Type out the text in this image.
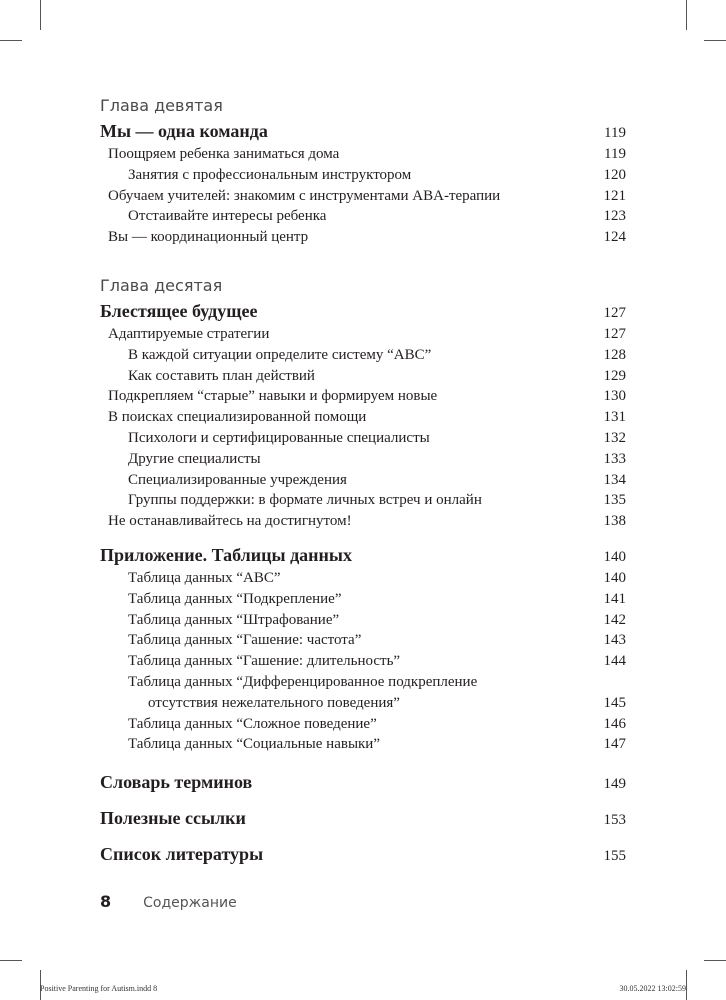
Глава девятая
Мы — одна команда	119
Поощряем ребенка заниматься дома	119
Занятия с профессиональным инструктором	120
Обучаем учителей: знакомим с инструментами ABA-терапии	121
Отстаивайте интересы ребенка	123
Вы — координационный центр	124
Глава десятая
Блестящее будущее	127
Адаптируемые стратегии	127
В каждой ситуации определите систему “ABC”	128
Как составить план действий	129
Подкрепляем “старые” навыки и формируем новые	130
В поисках специализированной помощи	131
Психологи и сертифицированные специалисты	132
Другие специалисты	133
Специализированные учреждения	134
Группы поддержки: в формате личных встреч и онлайн	135
Не останавливайтесь на достигнутом!	138
Приложение. Таблицы данных	140
Таблица данных “ABC”	140
Таблица данных “Подкрепление”	141
Таблица данных “Штрафование”	142
Таблица данных “Гашение: частота”	143
Таблица данных “Гашение: длительность”	144
Таблица данных “Дифференцированное подкрепление
отсутствия нежелательного поведения”	145
Таблица данных “Сложное поведение”	146
Таблица данных “Социальные навыки”	147
Словарь терминов	149
Полезные ссылки	153
Список литературы	155
8 Содержание
Positive Parenting for Autism.indd 8	30.05.2022 13:02:59
